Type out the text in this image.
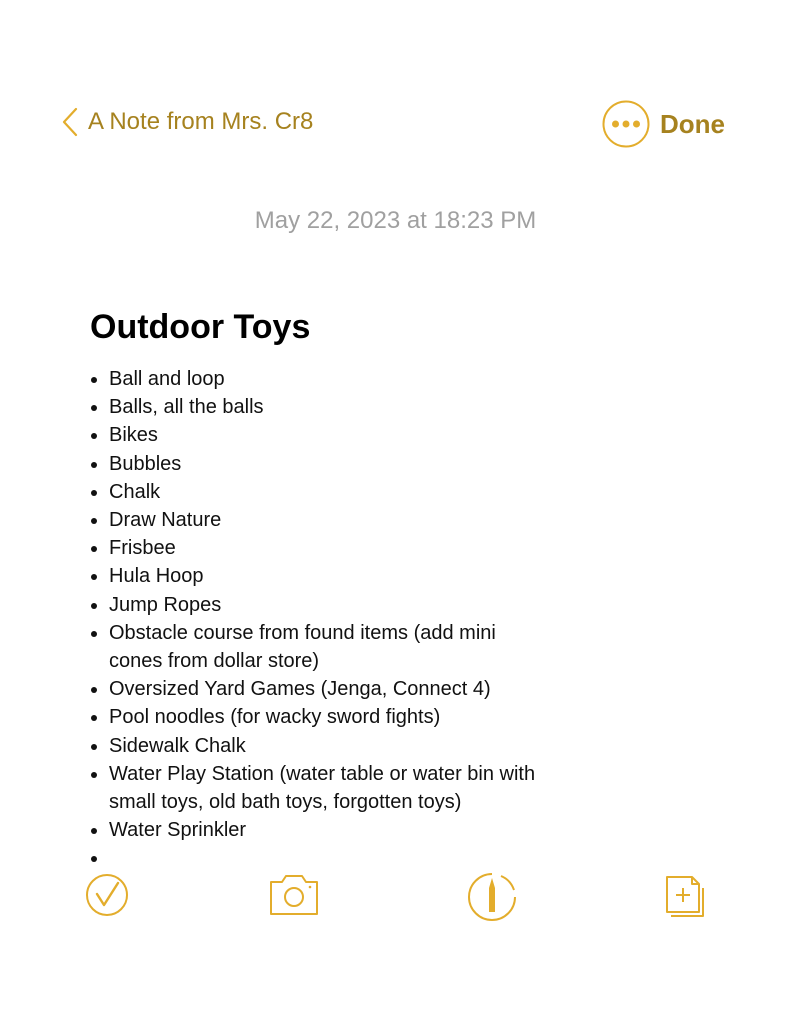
A Note from Mrs. Cr8	Done
May 22, 2023 at 18:23 PM
Outdoor Toys
• Ball and loop
• Balls, all the balls
• Bikes
• Bubbles
• Chalk
• Draw Nature
• Frisbee
• Hula Hoop
• Jump Ropes
• Obstacle course from found items (add mini cones from dollar store)
• Oversized Yard Games (Jenga, Connect 4)
• Pool noodles (for wacky sword fights)
• Sidewalk Chalk
• Water Play Station (water table or water bin with small toys, old bath toys, forgotten toys)
• Water Sprinkler
•
